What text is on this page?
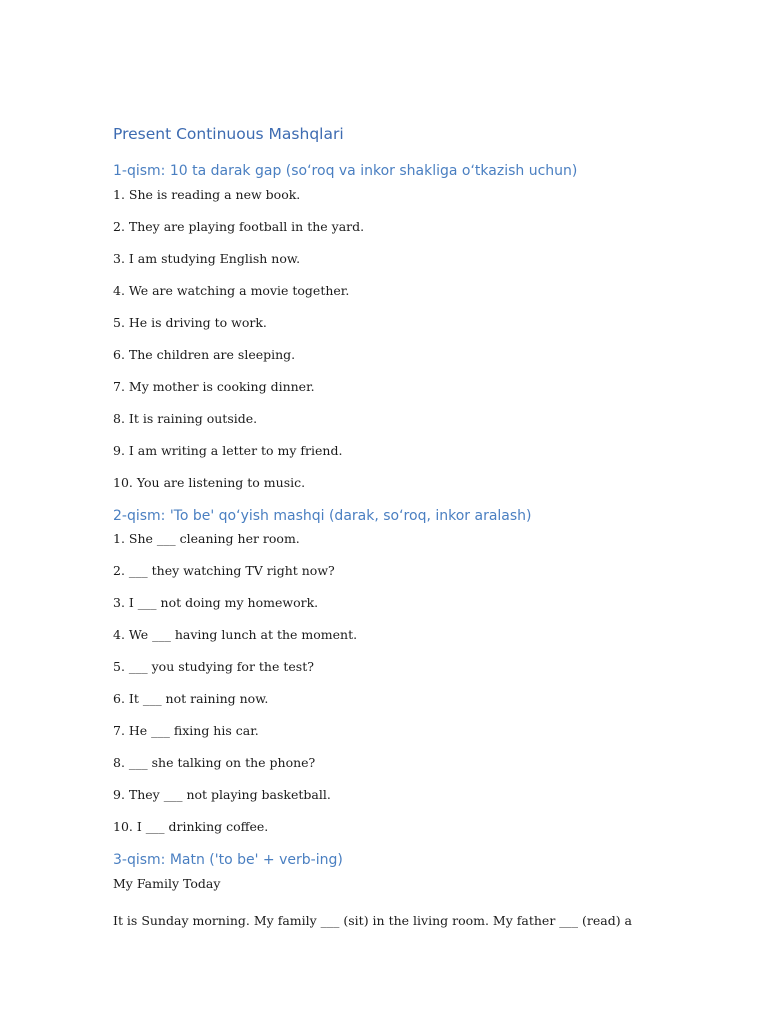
Present Continuous Mashqlari
1-qism: 10 ta darak gap (so‘roq va inkor shakliga o‘tkazish uchun)

1. She is reading a new book.

2. They are playing football in the yard.

3. I am studying English now.

4. We are watching a movie together.

5. He is driving to work.

6. The children are sleeping.

7. My mother is cooking dinner.

8. It is raining outside.

9. I am writing a letter to my friend.

10. You are listening to music.

2-qism: 'To be' qo‘yish mashqi (darak, so‘roq, inkor aralash)

1. She ___ cleaning her room.

2. ___ they watching TV right now?

3. I ___ not doing my homework.

4. We ___ having lunch at the moment.

5. ___ you studying for the test?

6. It ___ not raining now.

7. He ___ fixing his car.

8. ___ she talking on the phone?

9. They ___ not playing basketball.

10. I ___ drinking coffee.

3-qism: Matn ('to be' + verb-ing)

My Family Today

It is Sunday morning. My family ___ (sit) in the living room. My father ___ (read) a
